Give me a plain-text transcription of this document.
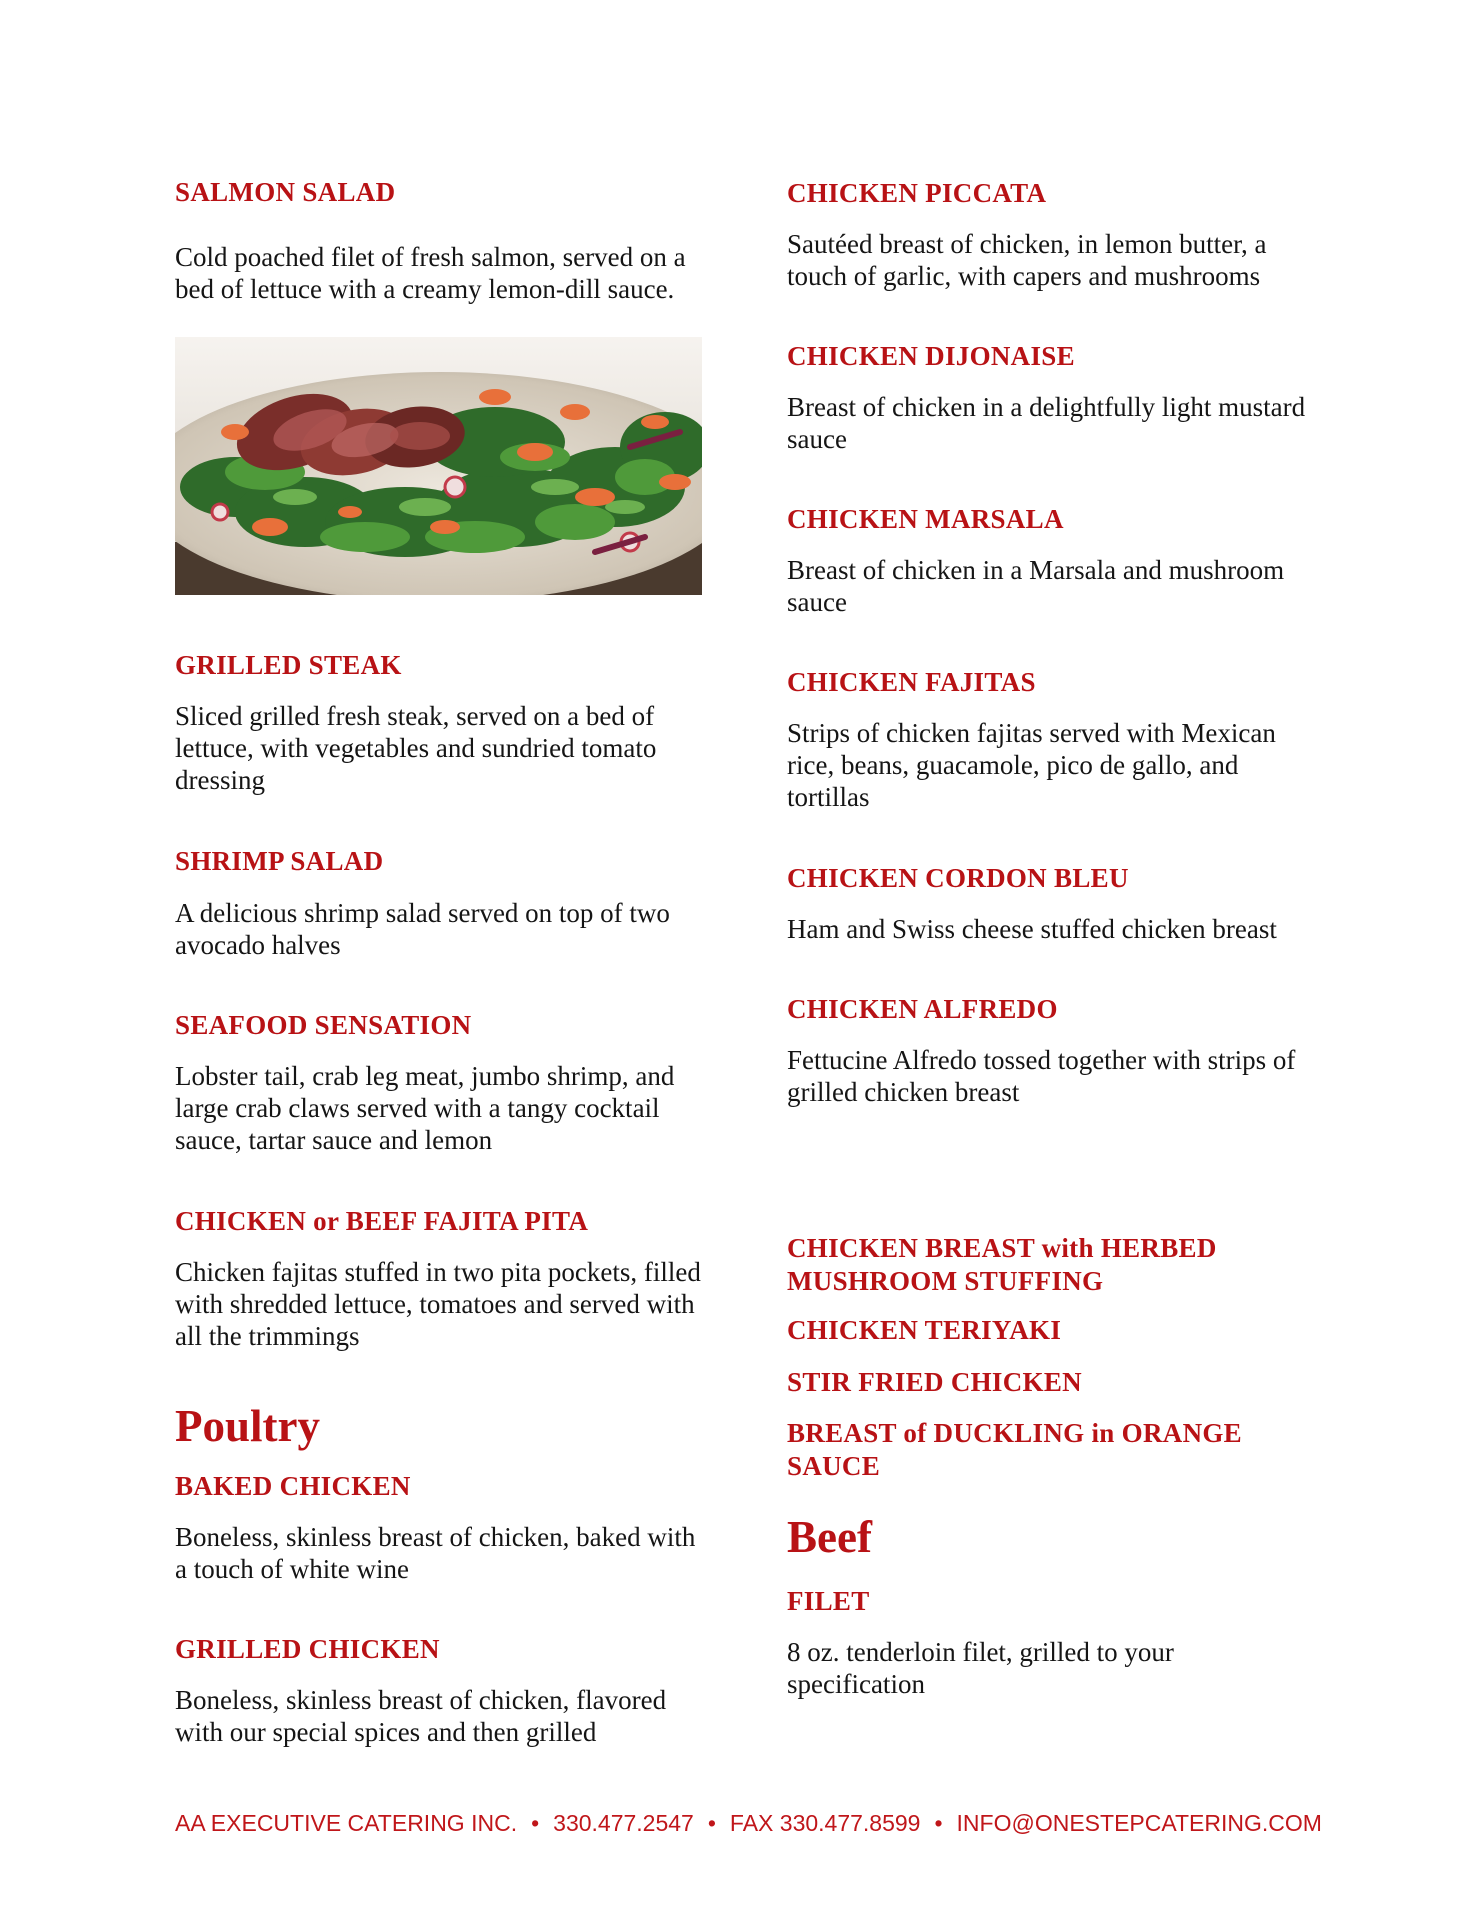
SALMON SALAD

Cold poached filet of fresh salmon, served on a bed of lettuce with a creamy lemon-dill sauce.

GRILLED STEAK

Sliced grilled fresh steak, served on a bed of lettuce, with vegetables and sundried tomato dressing

SHRIMP SALAD

A delicious shrimp salad served on top of two avocado halves

SEAFOOD SENSATION

Lobster tail, crab leg meat, jumbo shrimp, and large crab claws served with a tangy cocktail sauce, tartar sauce and lemon

CHICKEN or BEEF FAJITA PITA

Chicken fajitas stuffed in two pita pockets, filled with shredded lettuce, tomatoes and served with all the trimmings

Poultry
BAKED CHICKEN

Boneless, skinless breast of chicken, baked with a touch of white wine

GRILLED CHICKEN

Boneless, skinless breast of chicken, flavored with our special spices and then grilled

CHICKEN PICCATA

Sautéed breast of chicken, in lemon butter, a touch of garlic, with capers and mushrooms

CHICKEN DIJONAISE

Breast of chicken in a delightfully light mustard sauce

CHICKEN MARSALA

Breast of chicken in a Marsala and mushroom sauce

CHICKEN FAJITAS

Strips of chicken fajitas served with Mexican rice, beans, guacamole, pico de gallo, and tortillas

CHICKEN CORDON BLEU

Ham and Swiss cheese stuffed chicken breast

CHICKEN ALFREDO

Fettucine Alfredo tossed together with strips of grilled chicken breast

CHICKEN BREAST with HERBED MUSHROOM STUFFING
CHICKEN TERIYAKI
STIR FRIED CHICKEN
BREAST of DUCKLING in ORANGE SAUCE
Beef
FILET

8 oz. tenderloin filet, grilled to your specification

AA EXECUTIVE CATERING INC. • 330.477.2547 • FAX 330.477.8599 • INFO@ONESTEPCATERING.COM
